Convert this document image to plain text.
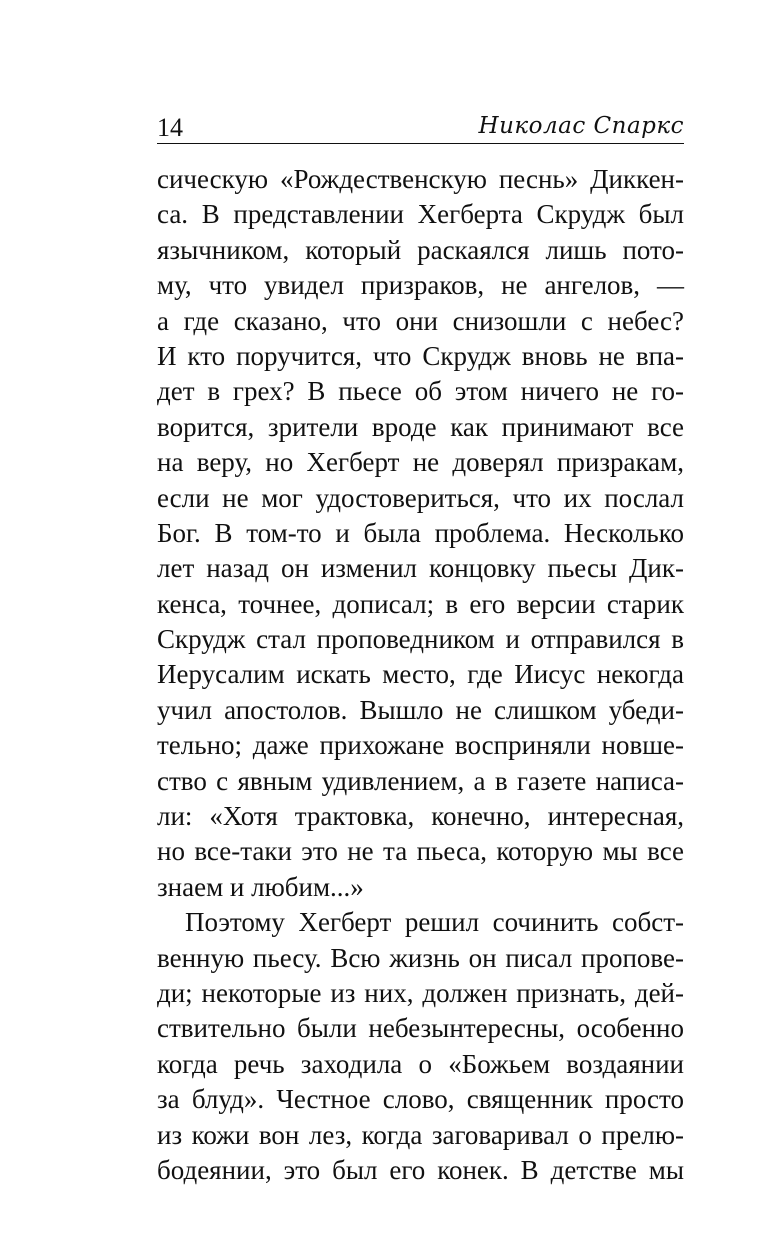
14	Николас Спаркс
сическую «Рождественскую песнь» Диккен-
са. В представлении Хегберта Скрудж был
язычником, который раскаялся лишь пото-
му, что увидел призраков, не ангелов, —
а где сказано, что они снизошли с небес?
И кто поручится, что Скрудж вновь не впа-
дет в грех? В пьесе об этом ничего не го-
ворится, зрители вроде как принимают все
на веру, но Хегберт не доверял призракам,
если не мог удостовериться, что их послал
Бог. В том-то и была проблема. Несколько
лет назад он изменил концовку пьесы Дик-
кенса, точнее, дописал; в его версии старик
Скрудж стал проповедником и отправился в
Иерусалим искать место, где Иисус некогда
учил апостолов. Вышло не слишком убеди-
тельно; даже прихожане восприняли новше-
ство с явным удивлением, а в газете написа-
ли: «Хотя трактовка, конечно, интересная,
но все-таки это не та пьеса, которую мы все
знаем и любим...»
Поэтому Хегберт решил сочинить собст-
венную пьесу. Всю жизнь он писал пропове-
ди; некоторые из них, должен признать, дей-
ствительно были небезынтересны, особенно
когда речь заходила о «Божьем воздаянии
за блуд». Честное слово, священник просто
из кожи вон лез, когда заговаривал о прелю-
бодеянии, это был его конек. В детстве мы
